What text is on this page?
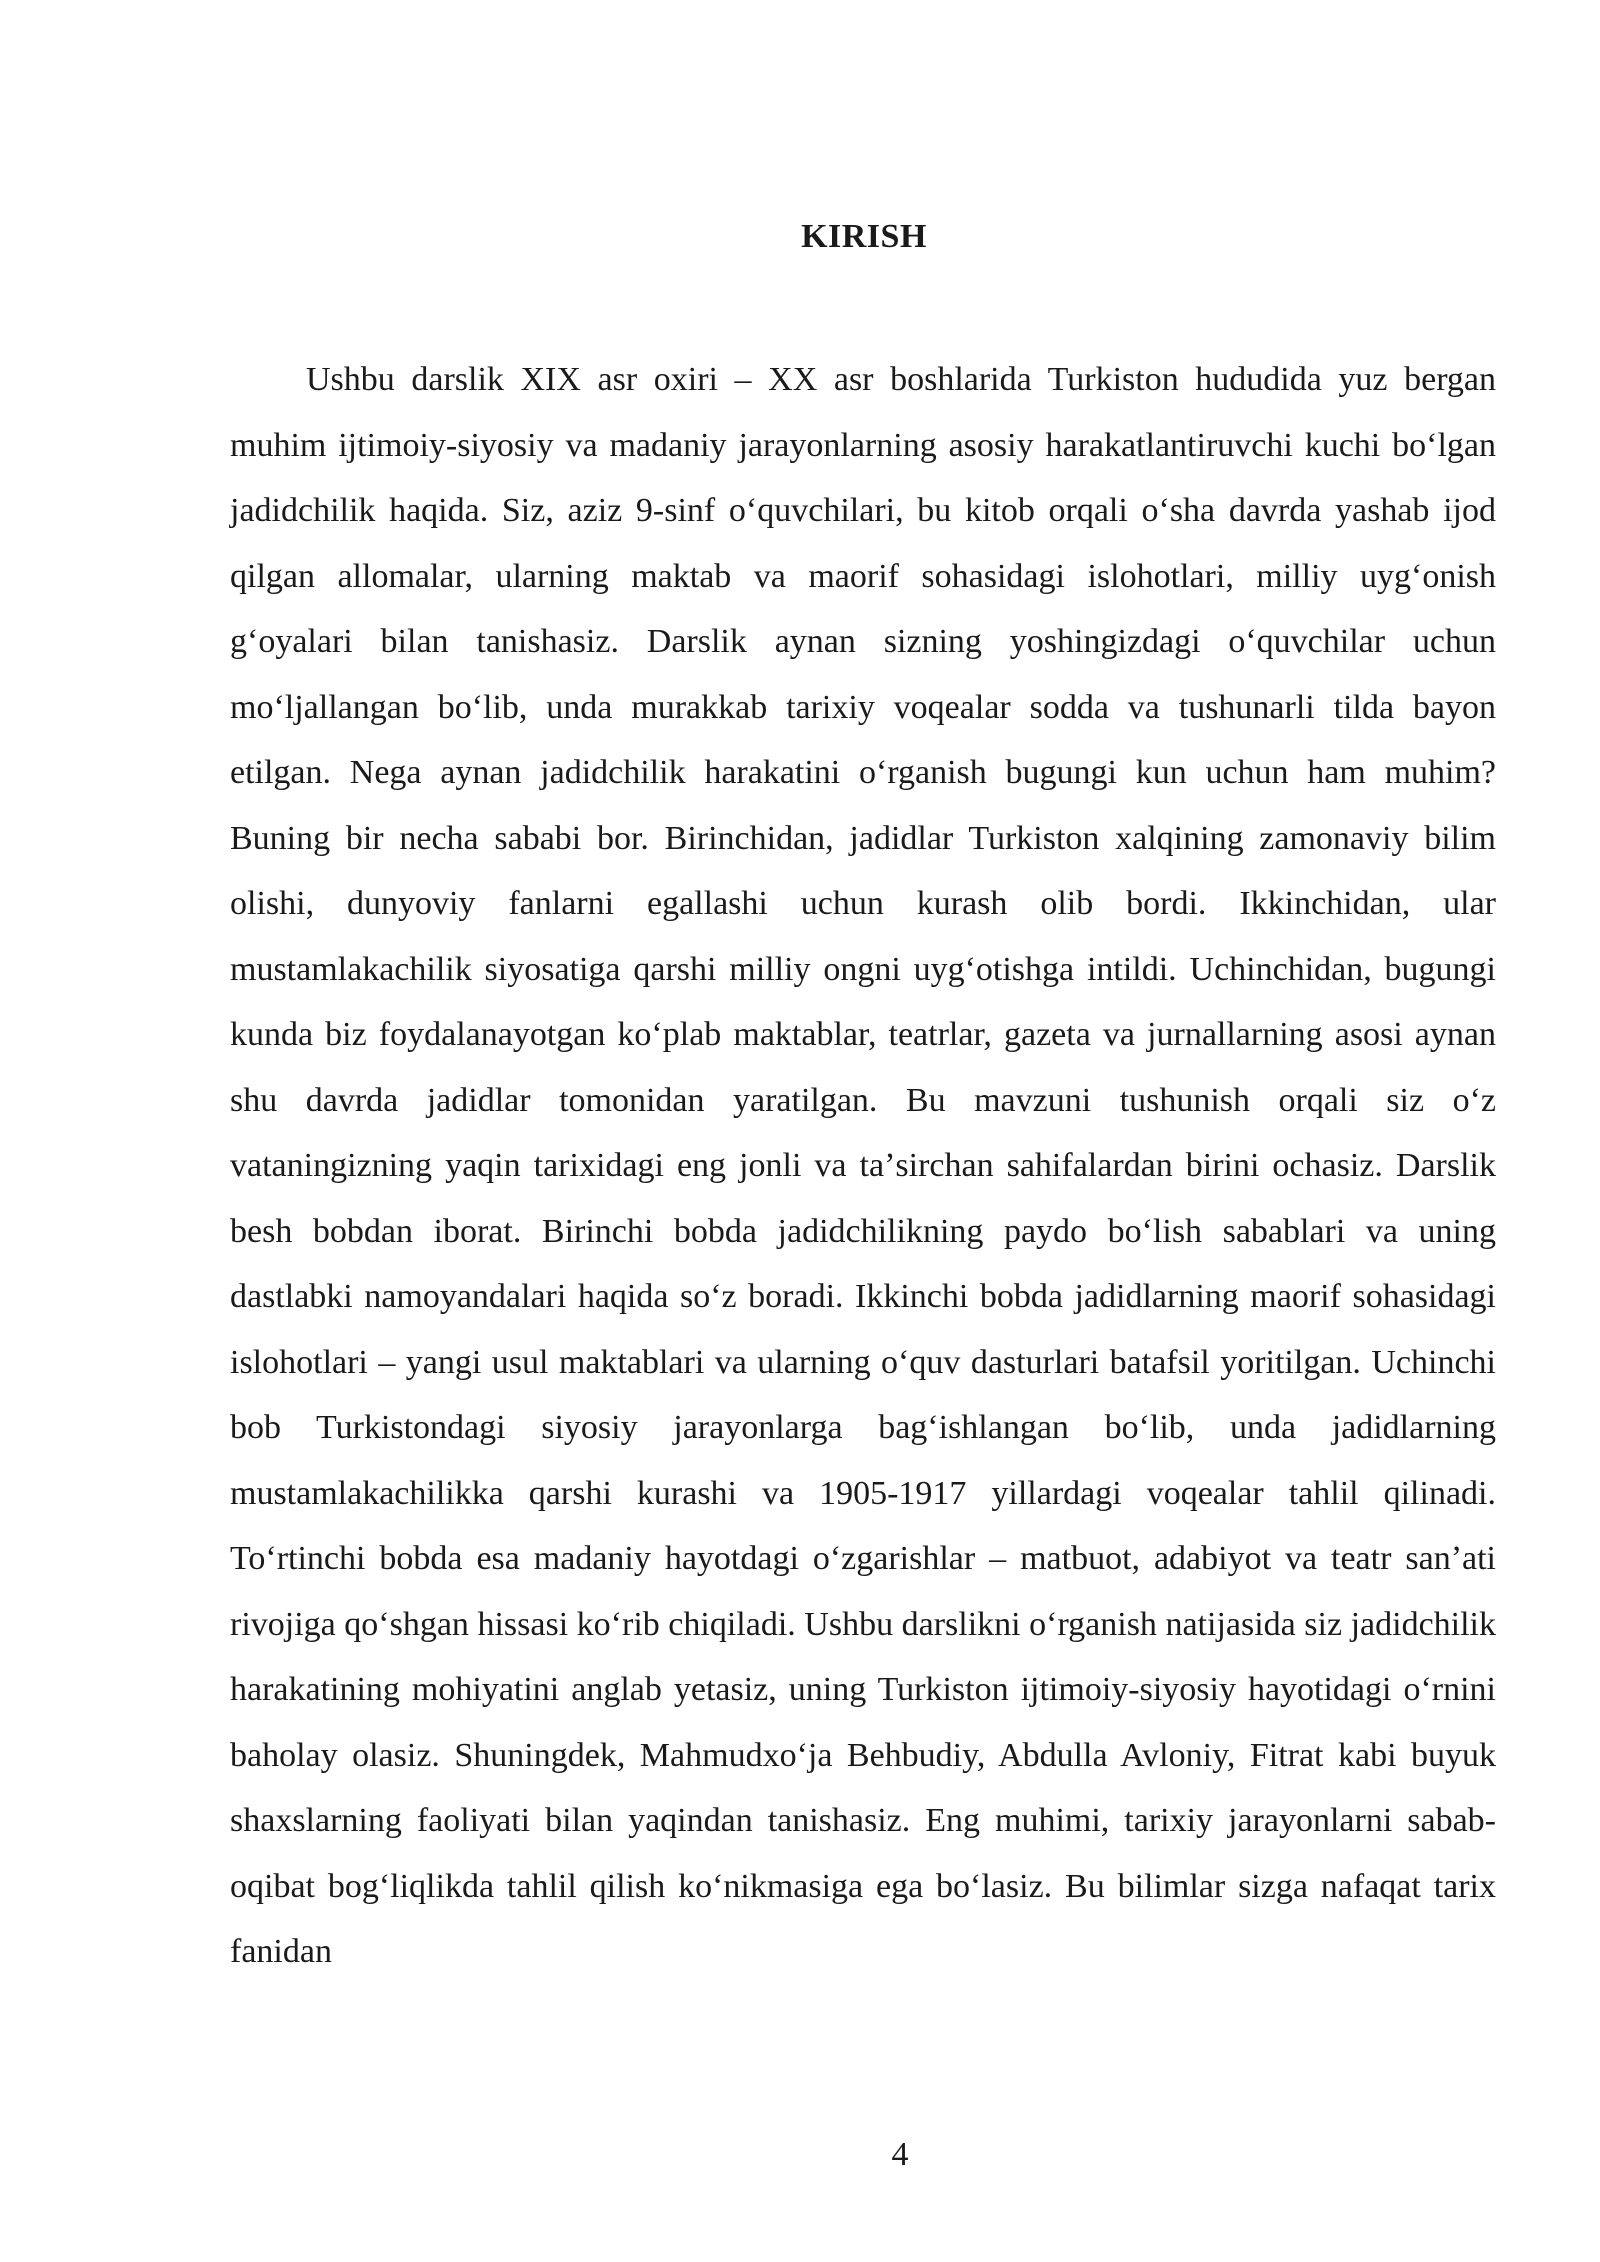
KIRISH

Ushbu darslik XIX asr oxiri – XX asr boshlarida Turkiston hududida yuz bergan muhim ijtimoiy-siyosiy va madaniy jarayonlarning asosiy harakatlantiruvchi kuchi boʻlgan jadidchilik haqida. Siz, aziz 9-sinf oʻquvchilari, bu kitob orqali oʻsha davrda yashab ijod qilgan allomalar, ularning maktab va maorif sohasidagi islohotlari, milliy uygʻonish gʻoyalari bilan tanishasiz. Darslik aynan sizning yoshingizdagi oʻquvchilar uchun moʻljallangan boʻlib, unda murakkab tarixiy voqealar sodda va tushunarli tilda bayon etilgan. Nega aynan jadidchilik harakatini oʻrganish bugungi kun uchun ham muhim? Buning bir necha sababi bor. Birinchidan, jadidlar Turkiston xalqining zamonaviy bilim olishi, dunyoviy fanlarni egallashi uchun kurash olib bordi. Ikkinchidan, ular mustamlakachilik siyosatiga qarshi milliy ongni uygʻotishga intildi. Uchinchidan, bugungi kunda biz foydalanayotgan koʻplab maktablar, teatrlar, gazeta va jurnallarning asosi aynan shu davrda jadidlar tomonidan yaratilgan. Bu mavzuni tushunish orqali siz oʻz vataningizning yaqin tarixidagi eng jonli va taʼsirchan sahifalardan birini ochasiz. Darslik besh bobdan iborat. Birinchi bobda jadidchilikning paydo boʻlish sabablari va uning dastlabki namoyandalari haqida soʻz boradi. Ikkinchi bobda jadidlarning maorif sohasidagi islohotlari – yangi usul maktablari va ularning oʻquv dasturlari batafsil yoritilgan. Uchinchi bob Turkistondagi siyosiy jarayonlarga bagʻishlangan boʻlib, unda jadidlarning mustamlakachilikka qarshi kurashi va 1905-1917 yillardagi voqealar tahlil qilinadi. Toʻrtinchi bobda esa madaniy hayotdagi oʻzgarishlar – matbuot, adabiyot va teatr sanʼati rivojiga qoʻshgan hissasi koʻrib chiqiladi. Ushbu darslikni oʻrganish natijasida siz jadidchilik harakatining mohiyatini anglab yetasiz, uning Turkiston ijtimoiy-siyosiy hayotidagi oʻrnini baholay olasiz. Shuningdek, Mahmudxoʻja Behbudiy, Abdulla Avloniy, Fitrat kabi buyuk shaxslarning faoliyati bilan yaqindan tanishasiz. Eng muhimi, tarixiy jarayonlarni sabab-oqibat bogʻliqlikda tahlil qilish koʻnikmasiga ega boʻlasiz. Bu bilimlar sizga nafaqat tarix fanidan

4
